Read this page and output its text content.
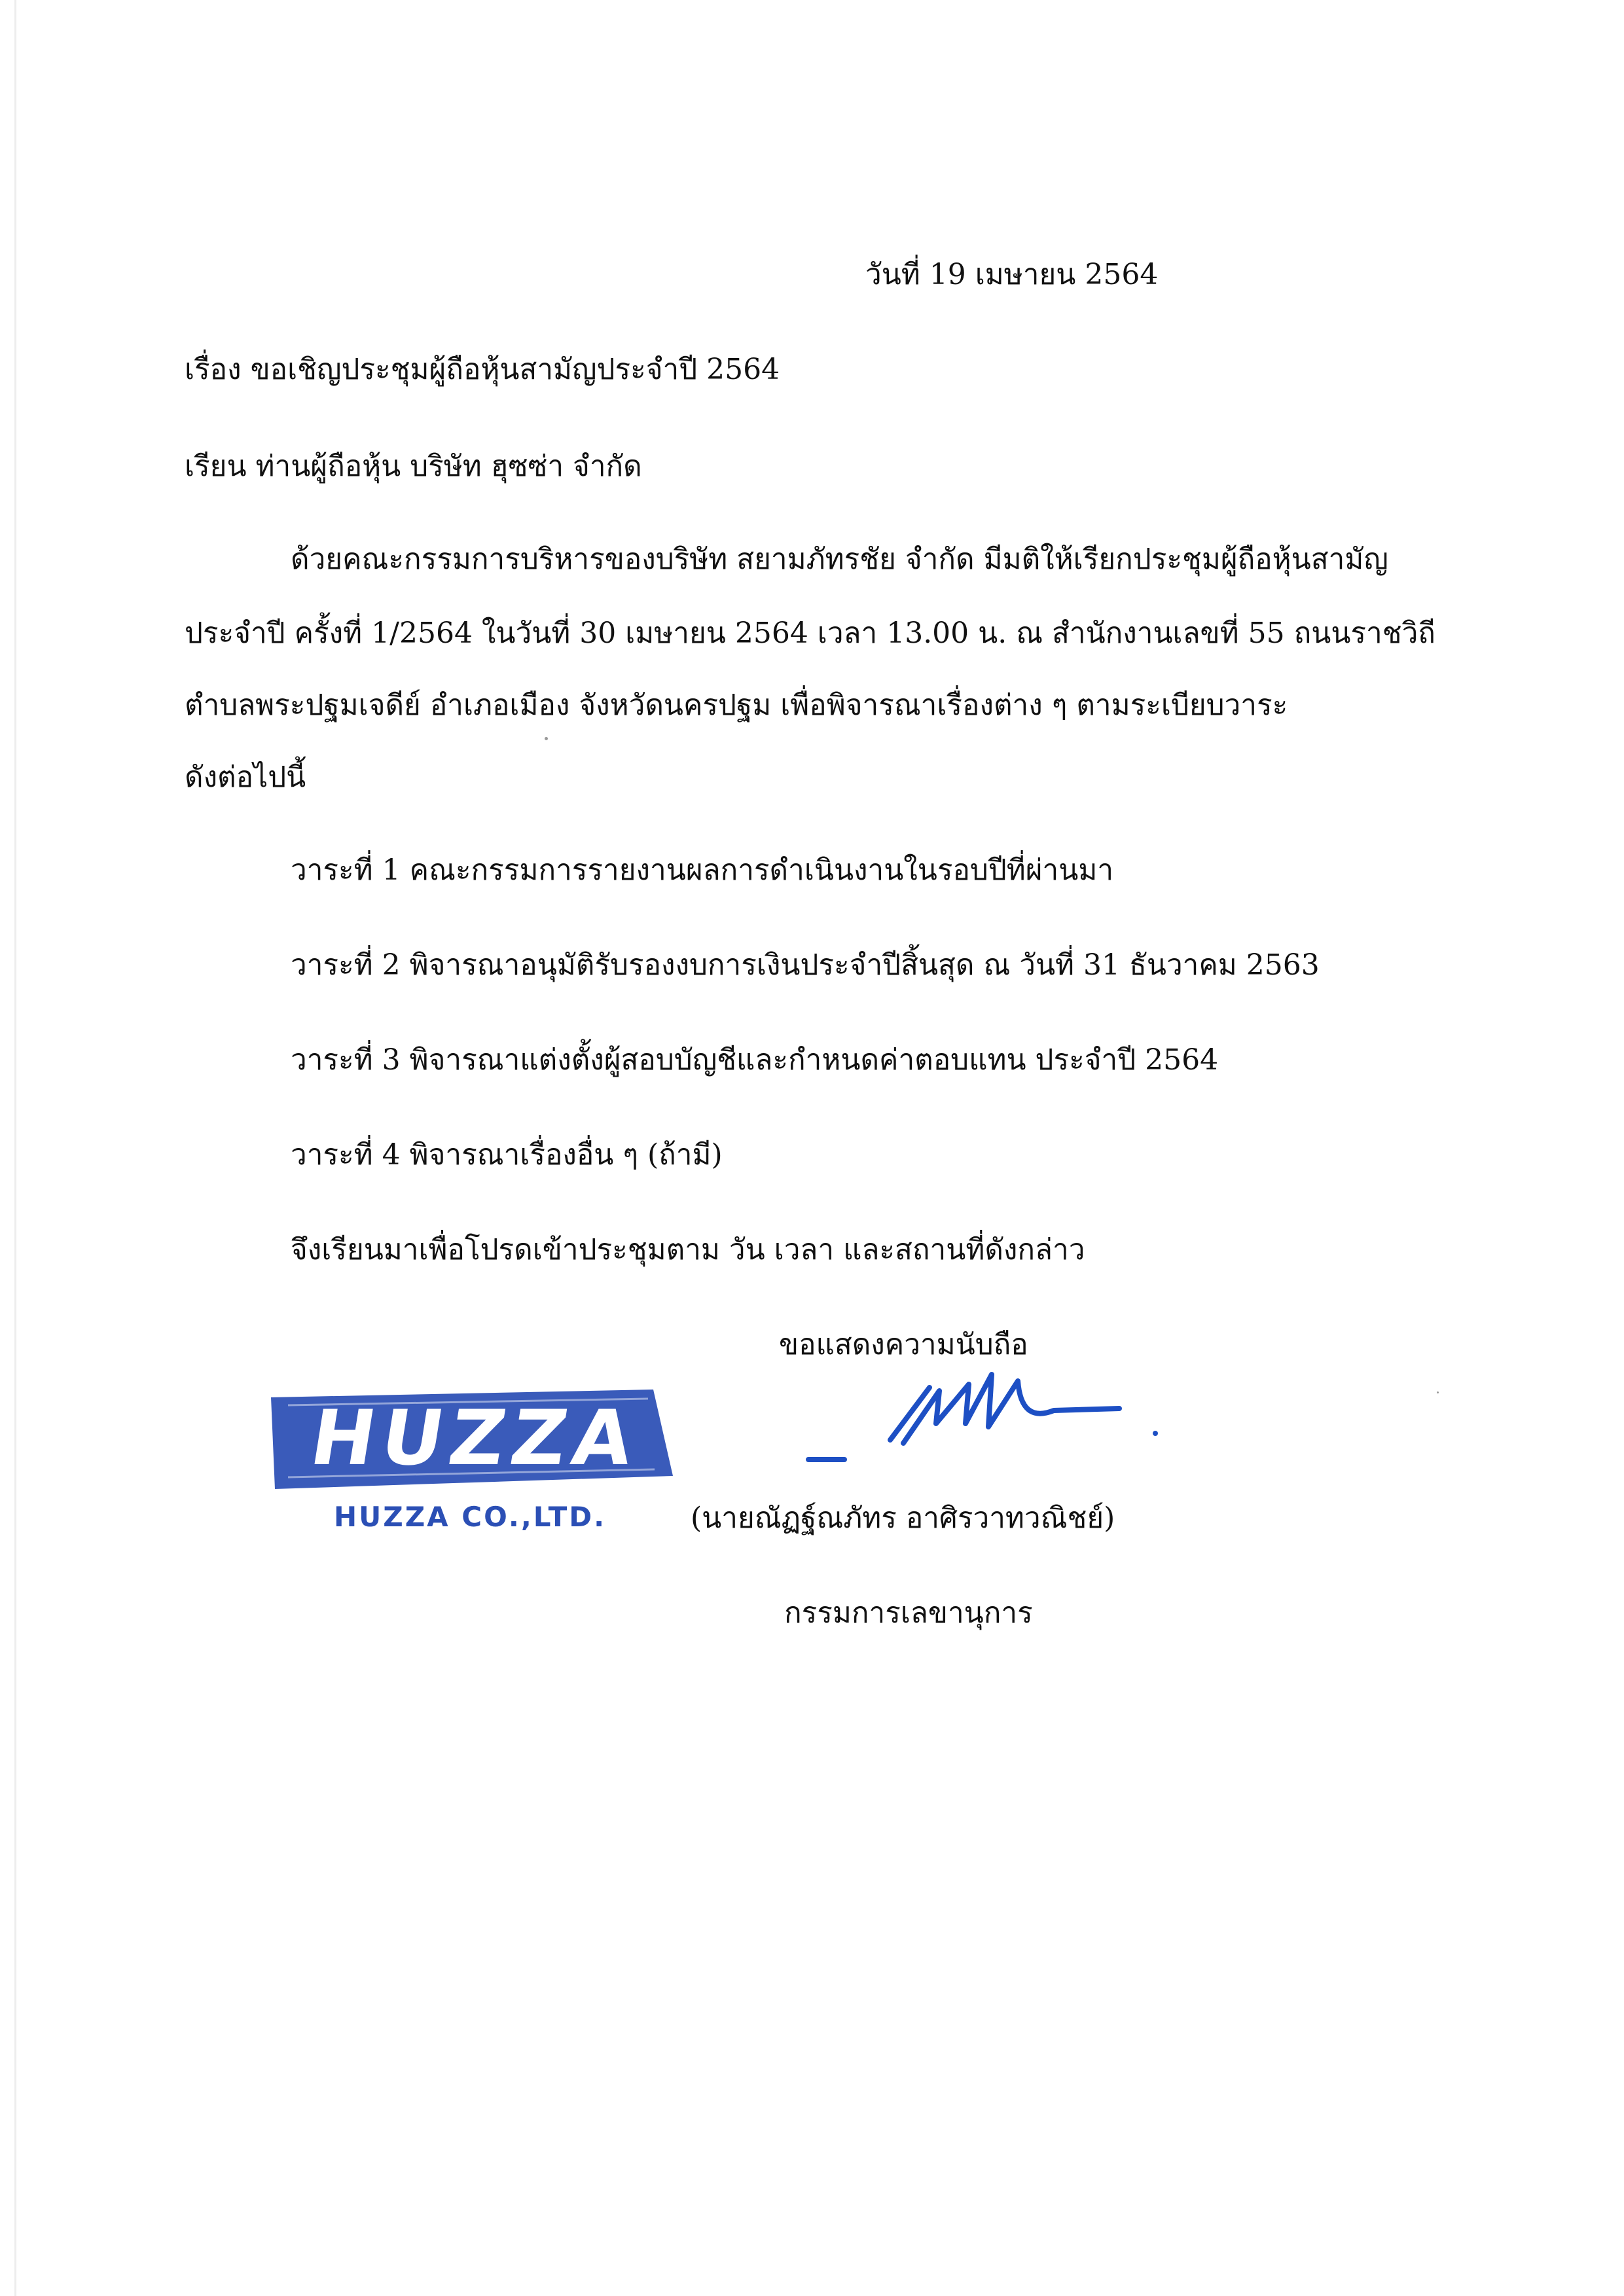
วันที่ 19 เมษายน 2564
เรื่อง ขอเชิญประชุมผู้ถือหุ้นสามัญประจำปี 2564
เรียน ท่านผู้ถือหุ้น บริษัท ฮุซซ่า จำกัด
ด้วยคณะกรรมการบริหารของบริษัท สยามภัทรชัย จำกัด มีมติให้เรียกประชุมผู้ถือหุ้นสามัญ
ประจำปี ครั้งที่ 1/2564 ในวันที่ 30 เมษายน 2564 เวลา 13.00 น. ณ สำนักงานเลขที่ 55 ถนนราชวิถี
ตำบลพระปฐมเจดีย์ อำเภอเมือง จังหวัดนครปฐม เพื่อพิจารณาเรื่องต่าง ๆ ตามระเบียบวาระ
ดังต่อไปนี้
วาระที่ 1 คณะกรรมการรายงานผลการดำเนินงานในรอบปีที่ผ่านมา
วาระที่ 2 พิจารณาอนุมัติรับรองงบการเงินประจำปีสิ้นสุด ณ วันที่ 31 ธันวาคม 2563
วาระที่ 3 พิจารณาแต่งตั้งผู้สอบบัญชีและกำหนดค่าตอบแทน ประจำปี 2564
วาระที่ 4 พิจารณาเรื่องอื่น ๆ (ถ้ามี)
จึงเรียนมาเพื่อโปรดเข้าประชุมตาม วัน เวลา และสถานที่ดังกล่าว
ขอแสดงความนับถือ
HUZZA
HUZZA CO.,LTD.	(นายณัฏฐ์ณภัทร อาศิรวาทวณิชย์)
กรรมการเลขานุการ
